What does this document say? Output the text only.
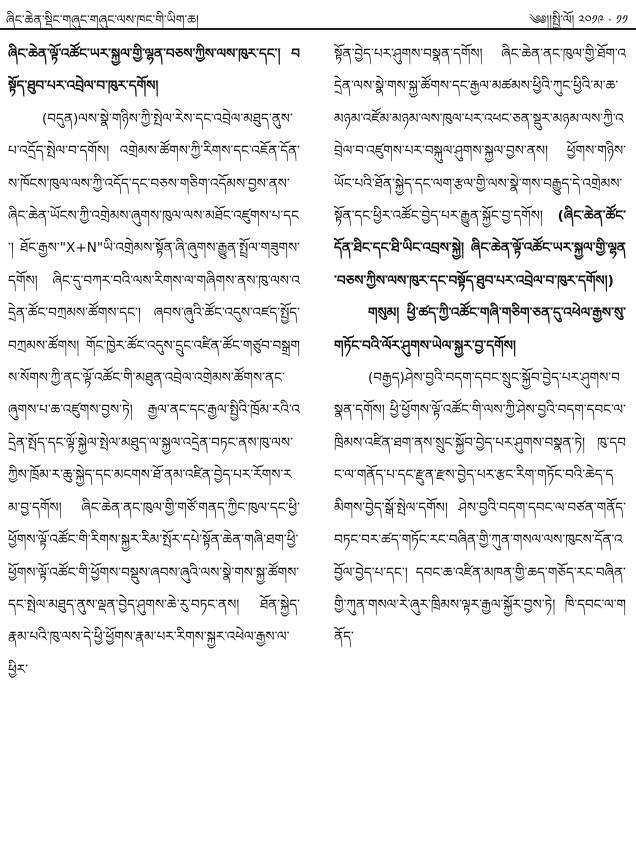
ཞིང་ཆེན་སྡིང་གཞུང་གཞུང་ལས་ཁང་གི་ཡིག་ཆ།	༄༅།།སྤྱི་ལོ། ༢༠༡༩ · ༡༡

ཞིང་ཆེན་ལྟོ་འཚོང་ཡར་སྐྱལ་གྱི་ལྷན་བཅས་ཀྱིས་ལས་ཁུར་དང་། བསྟོད་ཐུབ་པར་འབྲེལ་བ་ཁུར་དགོས།

(བདུན)ལས་སྣེ་གཉིས་ཀྱི་སྤེལ་རེས་དང་འབྲེལ་མཐུད་ནུས་པ་འདྲོད་སྤེལ་བ་དགོས། འགྲེམས་ཚོགས་ཀྱི་རིགས་དང་འཇོན་དོན་ས་ཁོངས་ཁུལ་ལས་ཀྱི་འདོད་དང་བཅས་གཅིག་འདོམས་བྱས་ནས་ཞིང་ཆེན་ཡོངས་ཀྱི་འགྲེམས་ཞུགས་ཁུལ་ལས་མཐོང་འཛུགས་པ་དང་། ཐོང་རྒྱས་"X+N"ཡི་འགྲེམས་སྟོན་ཞི་ཞུགས་རྒྱུན་སྤྲོལ་གཟུགས་དགོས། ཞིང་དུ་བཀར་བའི་ལས་རིགས་ལ་གཞིགས་ནས་ཁུ་ལས་འདྲེན་ཚོང་བཀྲམས་ཚོགས་དང་། ཞབས་ཞུའི་ཚོང་འདུས་འཛད་སྤྱོད་བཀྲམས་ཚོགས། གོང་ཁྱེར་ཚོང་འདུས་དྲུང་འཛིན་ཚོང་གཙུབ་བསྒྲགས་སོགས་ཀྱི་ནང་ལྟོ་འཚོང་གི་མཐུན་འབྲེལ་འགྲེམས་ཚོགས་ནང་ཞུགས་པ་ཆ་འཛུགས་བྱས་ཏེ། རྒྱལ་ནང་དང་རྒྱལ་སྤྱིའི་ཁྲོམ་རའི་འདྲེན་སྤོད་དང་ལྟོ་སྐྱེལ་སྤེལ་མཐུད་ལ་སྐྱལ་འདྲེན་བཏང་ནས་ཁུ་ལས་ཀྱིས་ཁྲོམ་ར་ཆུ་སྐྱེད་དང་མངགས་ཐོ་ནམ་འཛིན་བྱེད་པར་རོགས་རམ་བྱ་དགོས། ཞིང་ཆེན་ནང་ཁུལ་གྱི་གཙོ་གནད་ཀྱིང་ཁུལ་དང་ཕྱི་ཕྱོགས་ལྟོ་འཚོང་གི་རིགས་སྐྱར་རིམ་སྤོར་དཔེ་སྟོན་ཆེན་གཞི་ཐག་ཕྱི་ཕྱོགས་ལྟོ་འཚོང་གི་ཕྱོགས་བསྡུས་ཞབས་ཞུའི་ལས་སྣེ་གས་སྐྱ་ཚོགས་དང་སྤེལ་མཐུད་ནུས་ལྡན་བྱེད་ཤུགས་ཆེ་རུ་བཏང་ནས། ཐོན་སྐྱེད་རྣམ་པའི་ཁུ་ལས་དེ་ཕྱི་ཕྱོགས་རྣམ་པར་རིགས་སྐྱར་འཕེལ་རྒྱས་ལ་ཕྱིར་

སྟོན་བྱེད་པར་ཤུགས་བསྣན་དགོས། ཞིང་ཆེན་ནང་ཁུལ་གྱི་ཐོག་འདྲེན་ལས་སྣེ་གས་སྐྱ་ཚོགས་དང་རྒྱལ་མཚམས་ཕྱིའི་ཀུང་ཕྱིའི་མ་ཆ་མཉམ་འཛོམ་མཉམ་ལས་ཁུལ་པར་འཕང་ཅན་སྡུར་མཉམ་ལས་ཀྱི་འབྲེལ་བ་འཛུགས་པར་བསྐུལ་ཤུགས་སྐྱལ་བྱས་ནས། ཕྱོགས་གཉིས་ཡོང་པའི་ཐོན་སྐྱེད་དང་ལག་རྩལ་གྱི་ལས་སྣེ་གས་བརྒྱུད་དེ་འགྲེམས་སྟོན་དང་ཕྱིར་འཚོང་བྱེད་པར་རྒྱུན་སྐྱོང་བྱ་དགོས། (ཞིང་ཆེན་ཚོང་དོན་ཐིང་དང་ཐི་ཡིང་འབྲས་སྐྱེ། ཞིང་ཆེན་ལྟོ་འཚོང་ཡར་སྐྱལ་གྱི་ལྷན་བཅས་ཀྱིས་ལས་ཁུར་དང་བསྟོད་ཐུབ་པར་འབྲེལ་བ་ཁུར་དགོས།)

གསུམ། ཕྱི་ཚད་ཀྱི་འཚོང་གཞི་གཅིག་ཅན་དུ་འཕེལ་རྒྱས་སུ་གཏོང་བའི་ལོར་ཤུགས་ཡེལ་སྐྱར་བྱ་དགོས།

(བརྒྱད)ཤེས་བྱའི་བདག་དབང་སྲུང་སྐྱོབ་བྱེད་པར་ཤུགས་བསྣན་དགོས། ཕྱི་ཕྱོགས་ལྟོ་འཚོང་གི་ལས་ཀྱི་ཤེས་བྱའི་བདག་དབང་ལ་ཁྲིམས་འཛིན་ཐག་ནས་སྲུང་སྐྱོབ་བྱེད་པར་ཤུགས་བསྣན་ཏེ། ཁུ་དབང་ལ་གནོད་པ་དང་རྫུན་རྫས་བྱེད་པར་རྩང་རིག་གཏོང་བའི་ཆེད་དམིགས་བྱེད་སྒོ་སྤེལ་དགོས། ཤེས་བྱའི་བདག་དབང་ལ་བཙན་གནོད་བཏང་བར་ཚད་གཏོང་རང་བཞིན་གྱི་ཀུན་གསལ་ལས་ཁུངས་དོན་འབྱོལ་བྱེད་པ་དང་། དབང་ཆ་འཛིན་མཁན་གྱི་ཆད་གཅོད་རང་བཞིན་གྱི་ཀུན་གསལ་རེ་ཞུར་ཁྲིམས་ལྟར་རྒྱལ་སྐྱོར་བྱས་ཏེ། ཁི་དབང་ལ་གནོད་
